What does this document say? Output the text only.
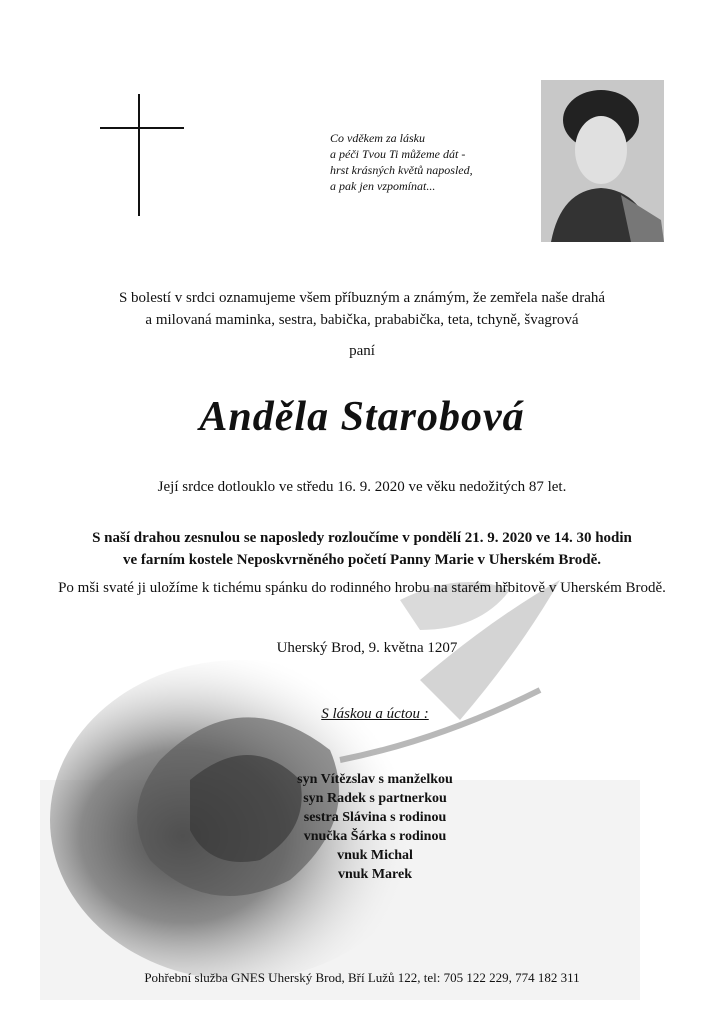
Co vděkem za lásku
a péči Tvou Ti můžeme dát -
hrst krásných květů naposled,
a pak jen vzpomínat...
S bolestí v srdci oznamujeme všem příbuzným a známým, že zemřela naše drahá
a milovaná maminka, sestra, babička, prababička, teta, tchyně, švagrová
paní
Anděla Starobová
Její srdce dotlouklo ve středu 16. 9. 2020 ve věku nedožitých 87 let.
S naší drahou zesnulou se naposledy rozloučíme v pondělí 21. 9. 2020 ve 14. 30 hodin
ve farním kostele Neposkvrněného početí Panny Marie v Uherském Brodě.
Po mši svaté ji uložíme k tichému spánku do rodinného hrobu na starém hřbitově v Uherském Brodě.
Uherský Brod, 9. května 1207
S láskou a úctou :
syn Vítězslav s manželkou
syn Radek s partnerkou
sestra Slávina s rodinou
vnučka Šárka s rodinou
vnuk Michal
vnuk Marek
Pohřební služba GNES Uherský Brod, Bří Lužů 122, tel: 705 122 229, 774 182 311
